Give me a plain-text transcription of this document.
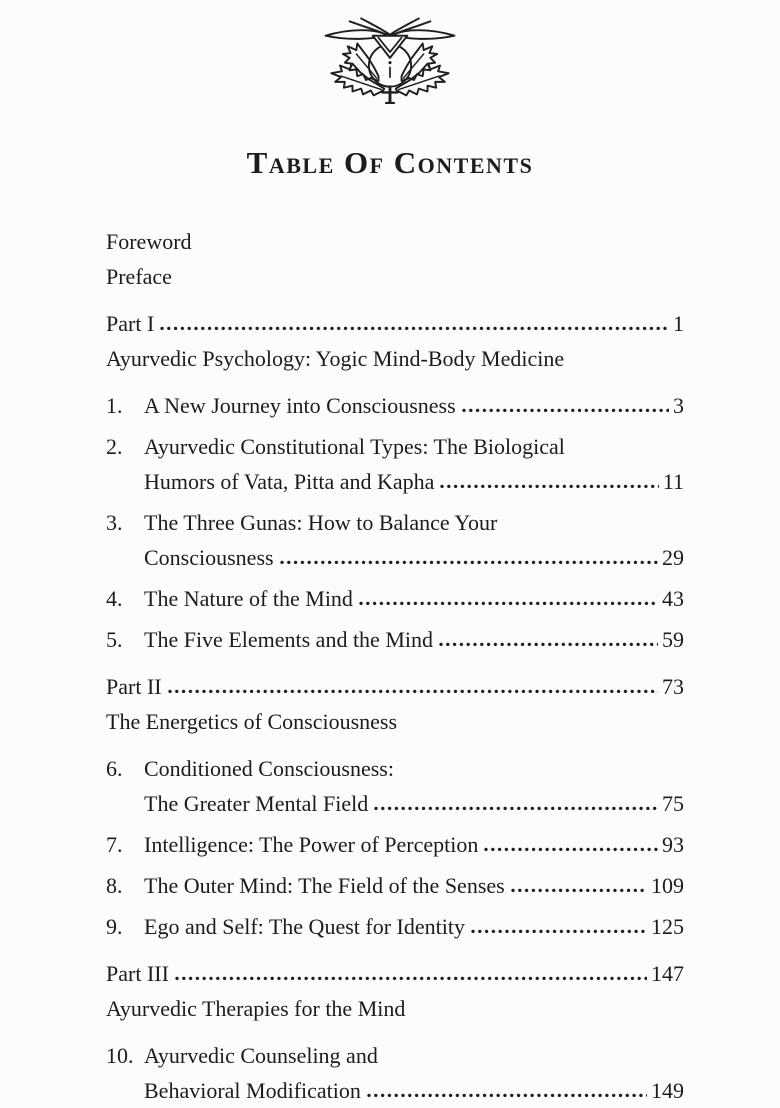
Table Of Contents
Foreword
Preface
Part I	1
Ayurvedic Psychology: Yogic Mind-Body Medicine
1. A New Journey into Consciousness	3
2. Ayurvedic Constitutional Types: The Biological
Humors of Vata, Pitta and Kapha	11
3. The Three Gunas: How to Balance Your
Consciousness	29
4. The Nature of the Mind	43
5. The Five Elements and the Mind	59
Part II	73
The Energetics of Consciousness
6. Conditioned Consciousness:
The Greater Mental Field	75
7. Intelligence: The Power of Perception	93
8. The Outer Mind: The Field of the Senses	109
9. Ego and Self: The Quest for Identity	125
Part III	147
Ayurvedic Therapies for the Mind
10. Ayurvedic Counseling and
Behavioral Modification	149
